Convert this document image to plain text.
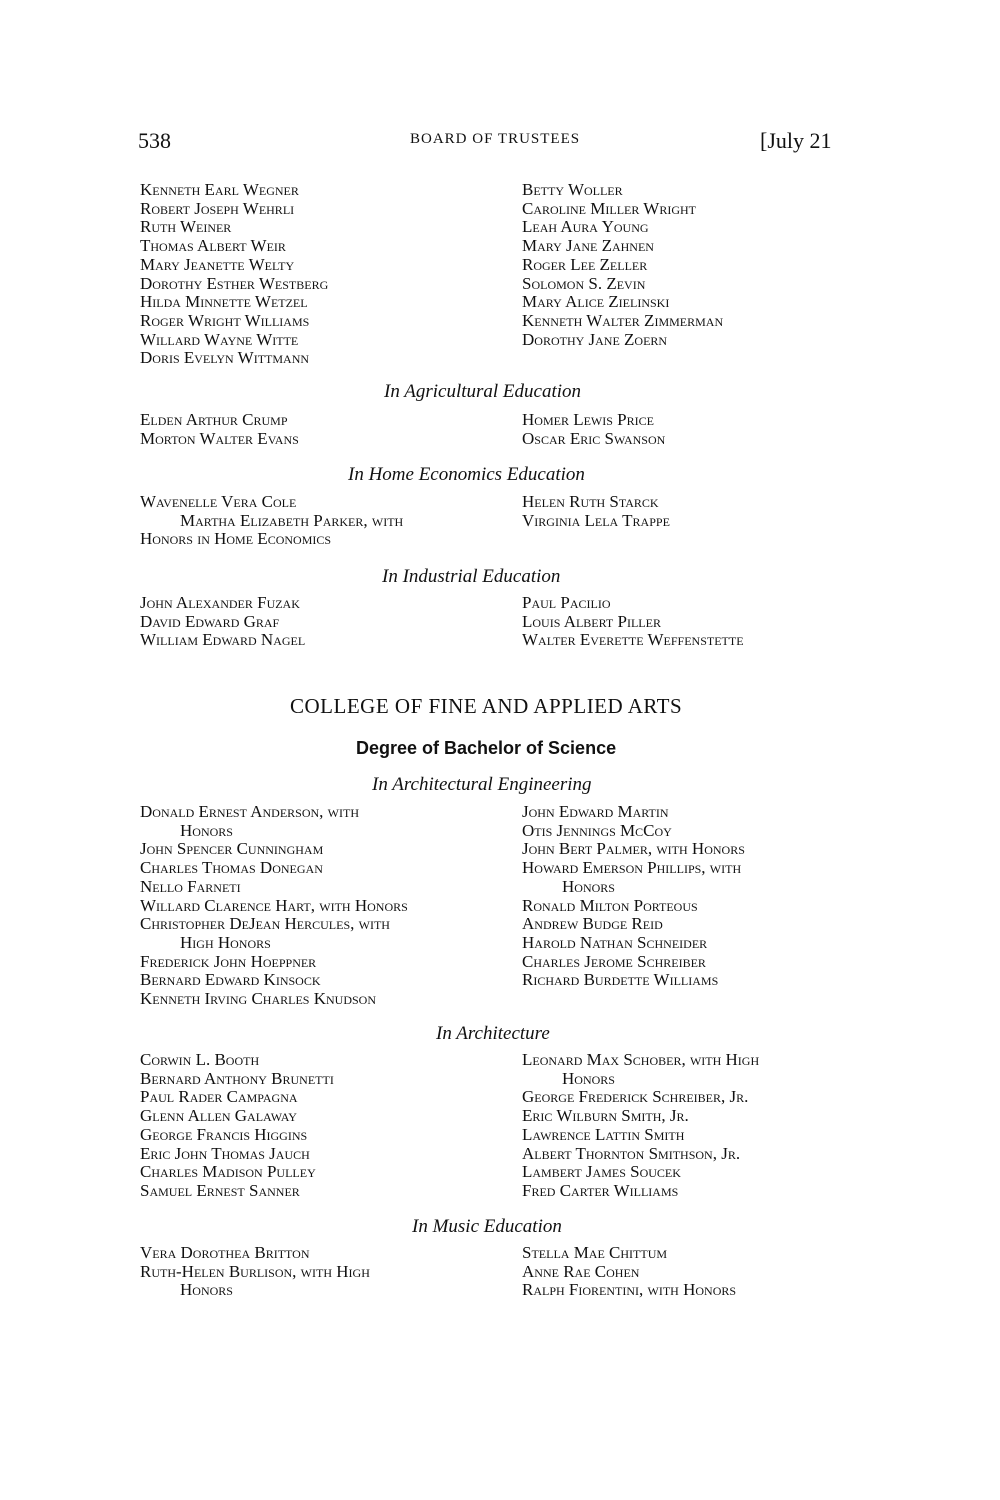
538	BOARD OF TRUSTEES	[July 21
Kenneth Earl Wegner
Robert Joseph Wehrli
Ruth Weiner
Thomas Albert Weir
Mary Jeanette Welty
Dorothy Esther Westberg
Hilda Minnette Wetzel
Roger Wright Williams
Willard Wayne Witte
Doris Evelyn Wittmann
Betty Woller
Caroline Miller Wright
Leah Aura Young
Mary Jane Zahnen
Roger Lee Zeller
Solomon S. Zevin
Mary Alice Zielinski
Kenneth Walter Zimmerman
Dorothy Jane Zoern
In Agricultural Education
Elden Arthur Crump
Morton Walter Evans
Homer Lewis Price
Oscar Eric Swanson
In Home Economics Education
Wavenelle Vera Cole
Martha Elizabeth Parker, with
Honors in Home Economics
Helen Ruth Starck
Virginia Lela Trappe
In Industrial Education
John Alexander Fuzak
David Edward Graf
William Edward Nagel
Paul Pacilio
Louis Albert Piller
Walter Everette Weffenstette
COLLEGE OF FINE AND APPLIED ARTS
Degree of Bachelor of Science
In Architectural Engineering
Donald Ernest Anderson, with
Honors
John Spencer Cunningham
Charles Thomas Donegan
Nello Farneti
Willard Clarence Hart, with Honors
Christopher DeJean Hercules, with
High Honors
Frederick John Hoeppner
Bernard Edward Kinsock
Kenneth Irving Charles Knudson
John Edward Martin
Otis Jennings McCoy
John Bert Palmer, with Honors
Howard Emerson Phillips, with
Honors
Ronald Milton Porteous
Andrew Budge Reid
Harold Nathan Schneider
Charles Jerome Schreiber
Richard Burdette Williams
In Architecture
Corwin L. Booth
Bernard Anthony Brunetti
Paul Rader Campagna
Glenn Allen Galaway
George Francis Higgins
Eric John Thomas Jauch
Charles Madison Pulley
Samuel Ernest Sanner
Leonard Max Schober, with High
Honors
George Frederick Schreiber, Jr.
Eric Wilburn Smith, Jr.
Lawrence Lattin Smith
Albert Thornton Smithson, Jr.
Lambert James Soucek
Fred Carter Williams
In Music Education
Vera Dorothea Britton
Ruth-Helen Burlison, with High
Honors
Stella Mae Chittum
Anne Rae Cohen
Ralph Fiorentini, with Honors
